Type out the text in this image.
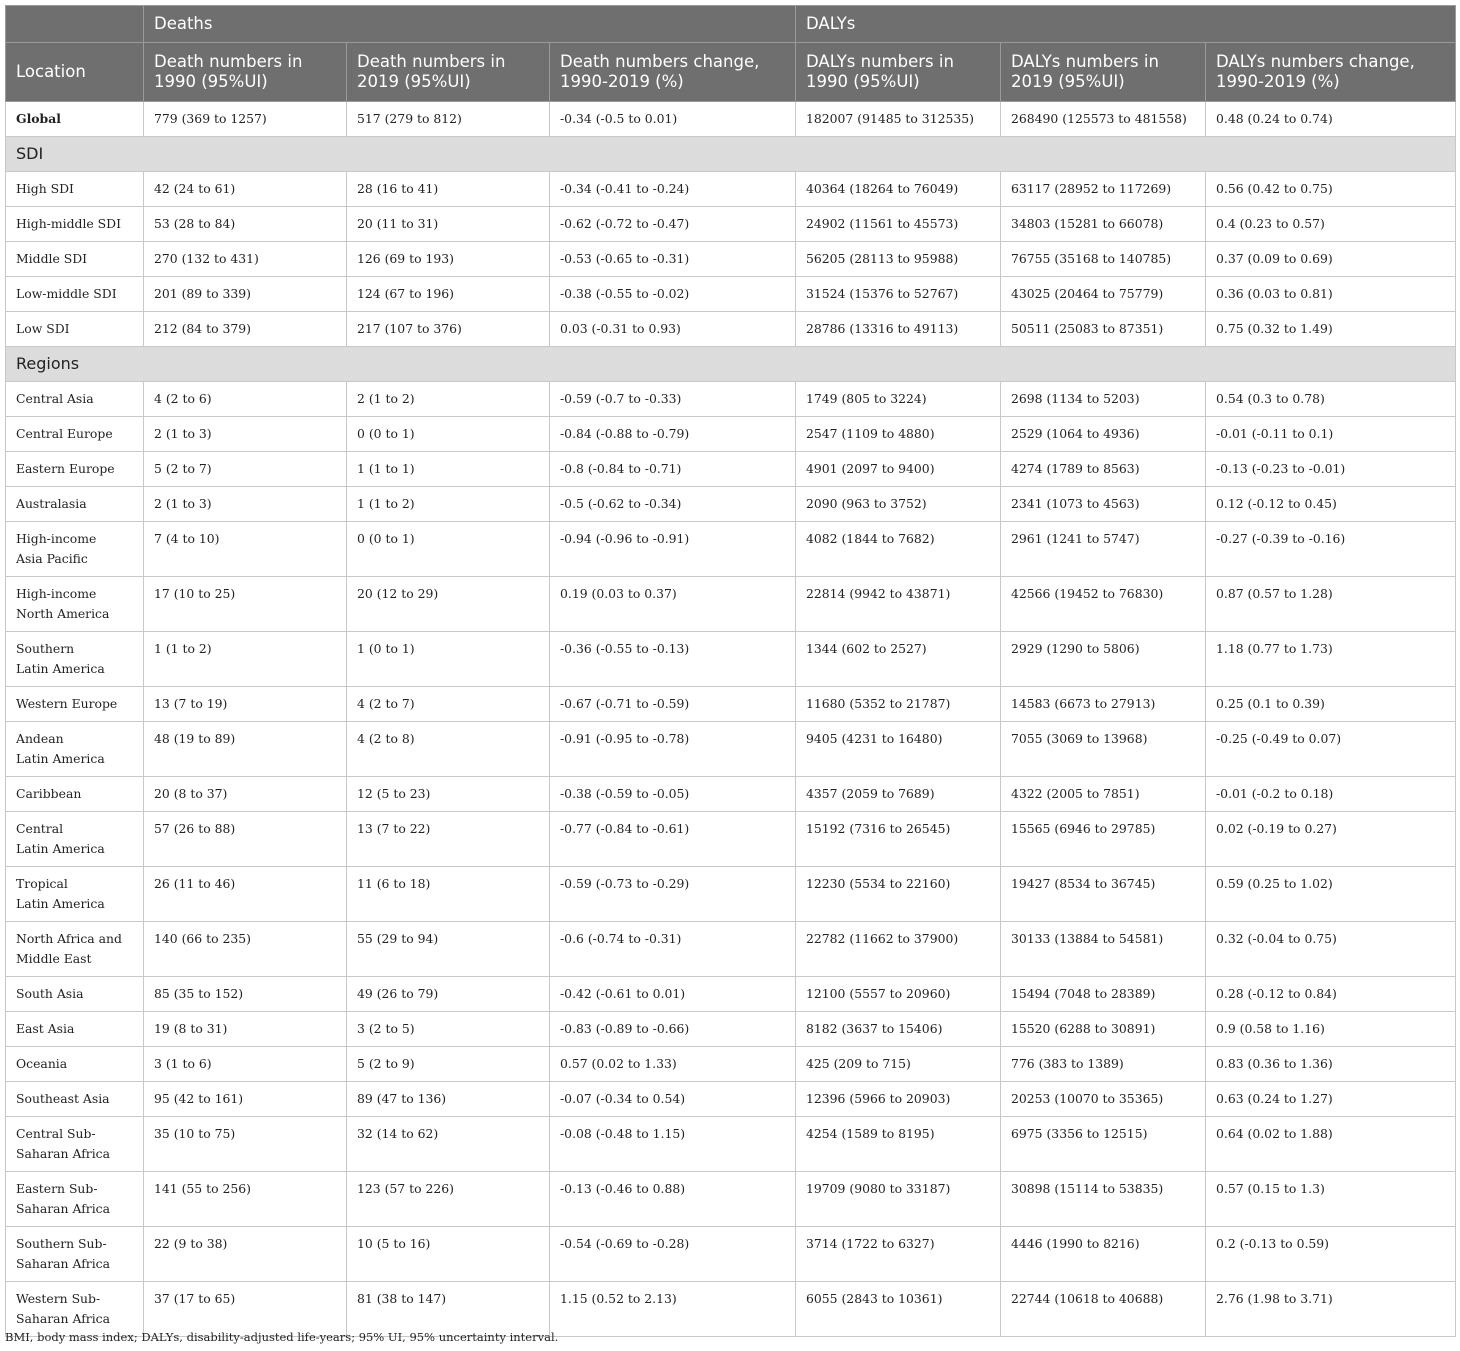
	Deaths			DALYs		
Location	Death numbers in 1990 (95%UI)	Death numbers in 2019 (95%UI)	Death numbers change, 1990-2019 (%)	DALYs numbers in 1990 (95%UI)	DALYs numbers in 2019 (95%UI)	DALYs numbers change, 1990-2019 (%)
Global	779 (369 to 1257)	517 (279 to 812)	-0.34 (-0.5 to 0.01)	182007 (91485 to 312535)	268490 (125573 to 481558)	0.48 (0.24 to 0.74)
SDI						
High SDI	42 (24 to 61)	28 (16 to 41)	-0.34 (-0.41 to -0.24)	40364 (18264 to 76049)	63117 (28952 to 117269)	0.56 (0.42 to 0.75)
High-middle SDI	53 (28 to 84)	20 (11 to 31)	-0.62 (-0.72 to -0.47)	24902 (11561 to 45573)	34803 (15281 to 66078)	0.4 (0.23 to 0.57)
Middle SDI	270 (132 to 431)	126 (69 to 193)	-0.53 (-0.65 to -0.31)	56205 (28113 to 95988)	76755 (35168 to 140785)	0.37 (0.09 to 0.69)
Low-middle SDI	201 (89 to 339)	124 (67 to 196)	-0.38 (-0.55 to -0.02)	31524 (15376 to 52767)	43025 (20464 to 75779)	0.36 (0.03 to 0.81)
Low SDI	212 (84 to 379)	217 (107 to 376)	0.03 (-0.31 to 0.93)	28786 (13316 to 49113)	50511 (25083 to 87351)	0.75 (0.32 to 1.49)
Regions						
Central Asia	4 (2 to 6)	2 (1 to 2)	-0.59 (-0.7 to -0.33)	1749 (805 to 3224)	2698 (1134 to 5203)	0.54 (0.3 to 0.78)
Central Europe	2 (1 to 3)	0 (0 to 1)	-0.84 (-0.88 to -0.79)	2547 (1109 to 4880)	2529 (1064 to 4936)	-0.01 (-0.11 to 0.1)
Eastern Europe	5 (2 to 7)	1 (1 to 1)	-0.8 (-0.84 to -0.71)	4901 (2097 to 9400)	4274 (1789 to 8563)	-0.13 (-0.23 to -0.01)
Australasia	2 (1 to 3)	1 (1 to 2)	-0.5 (-0.62 to -0.34)	2090 (963 to 3752)	2341 (1073 to 4563)	0.12 (-0.12 to 0.45)
High-income
Asia Pacific	7 (4 to 10)	0 (0 to 1)	-0.94 (-0.96 to -0.91)	4082 (1844 to 7682)	2961 (1241 to 5747)	-0.27 (-0.39 to -0.16)
High-income
North America	17 (10 to 25)	20 (12 to 29)	0.19 (0.03 to 0.37)	22814 (9942 to 43871)	42566 (19452 to 76830)	0.87 (0.57 to 1.28)
Southern
Latin America	1 (1 to 2)	1 (0 to 1)	-0.36 (-0.55 to -0.13)	1344 (602 to 2527)	2929 (1290 to 5806)	1.18 (0.77 to 1.73)
Western Europe	13 (7 to 19)	4 (2 to 7)	-0.67 (-0.71 to -0.59)	11680 (5352 to 21787)	14583 (6673 to 27913)	0.25 (0.1 to 0.39)
Andean
Latin America	48 (19 to 89)	4 (2 to 8)	-0.91 (-0.95 to -0.78)	9405 (4231 to 16480)	7055 (3069 to 13968)	-0.25 (-0.49 to 0.07)
Caribbean	20 (8 to 37)	12 (5 to 23)	-0.38 (-0.59 to -0.05)	4357 (2059 to 7689)	4322 (2005 to 7851)	-0.01 (-0.2 to 0.18)
Central
Latin America	57 (26 to 88)	13 (7 to 22)	-0.77 (-0.84 to -0.61)	15192 (7316 to 26545)	15565 (6946 to 29785)	0.02 (-0.19 to 0.27)
Tropical
Latin America	26 (11 to 46)	11 (6 to 18)	-0.59 (-0.73 to -0.29)	12230 (5534 to 22160)	19427 (8534 to 36745)	0.59 (0.25 to 1.02)
North Africa and
Middle East	140 (66 to 235)	55 (29 to 94)	-0.6 (-0.74 to -0.31)	22782 (11662 to 37900)	30133 (13884 to 54581)	0.32 (-0.04 to 0.75)
South Asia	85 (35 to 152)	49 (26 to 79)	-0.42 (-0.61 to 0.01)	12100 (5557 to 20960)	15494 (7048 to 28389)	0.28 (-0.12 to 0.84)
East Asia	19 (8 to 31)	3 (2 to 5)	-0.83 (-0.89 to -0.66)	8182 (3637 to 15406)	15520 (6288 to 30891)	0.9 (0.58 to 1.16)
Oceania	3 (1 to 6)	5 (2 to 9)	0.57 (0.02 to 1.33)	425 (209 to 715)	776 (383 to 1389)	0.83 (0.36 to 1.36)
Southeast Asia	95 (42 to 161)	89 (47 to 136)	-0.07 (-0.34 to 0.54)	12396 (5966 to 20903)	20253 (10070 to 35365)	0.63 (0.24 to 1.27)
Central Sub-
Saharan Africa	35 (10 to 75)	32 (14 to 62)	-0.08 (-0.48 to 1.15)	4254 (1589 to 8195)	6975 (3356 to 12515)	0.64 (0.02 to 1.88)
Eastern Sub-
Saharan Africa	141 (55 to 256)	123 (57 to 226)	-0.13 (-0.46 to 0.88)	19709 (9080 to 33187)	30898 (15114 to 53835)	0.57 (0.15 to 1.3)
Southern Sub-
Saharan Africa	22 (9 to 38)	10 (5 to 16)	-0.54 (-0.69 to -0.28)	3714 (1722 to 6327)	4446 (1990 to 8216)	0.2 (-0.13 to 0.59)
Western Sub-
Saharan Africa	37 (17 to 65)	81 (38 to 147)	1.15 (0.52 to 2.13)	6055 (2843 to 10361)	22744 (10618 to 40688)	2.76 (1.98 to 3.71)
BMI, body mass index; DALYs, disability-adjusted life-years; 95% UI, 95% uncertainty interval.
